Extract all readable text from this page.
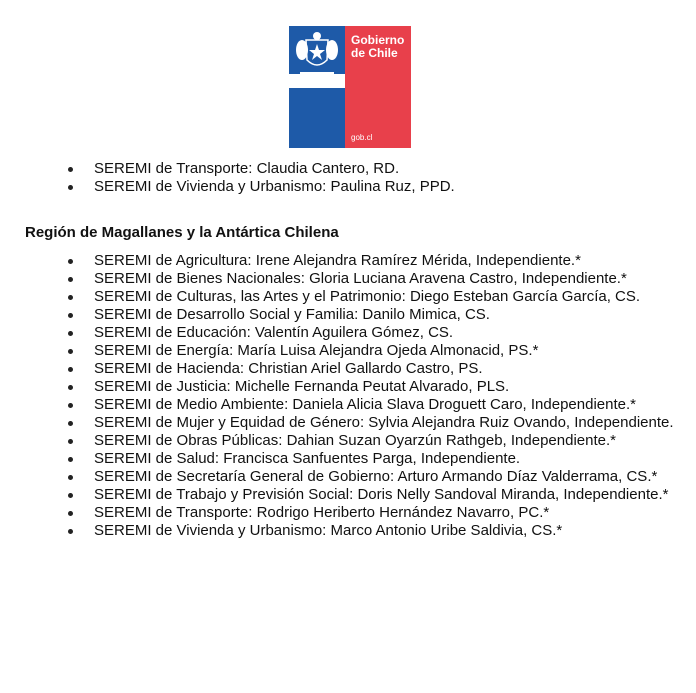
Gobierno
de Chile
gob.cl
SEREMI de Transporte: Claudia Cantero, RD.
SEREMI de Vivienda y Urbanismo: Paulina Ruz, PPD.
Región de Magallanes y la Antártica Chilena
SEREMI de Agricultura: Irene Alejandra Ramírez Mérida, Independiente.*
SEREMI de Bienes Nacionales: Gloria Luciana Aravena Castro, Independiente.*
SEREMI de Culturas, las Artes y el Patrimonio: Diego Esteban García García, CS.
SEREMI de Desarrollo Social y Familia: Danilo Mimica, CS.
SEREMI de Educación: Valentín Aguilera Gómez, CS.
SEREMI de Energía: María Luisa Alejandra Ojeda Almonacid, PS.*
SEREMI de Hacienda: Christian Ariel Gallardo Castro, PS.
SEREMI de Justicia: Michelle Fernanda Peutat Alvarado, PLS.
SEREMI de Medio Ambiente: Daniela Alicia Slava Droguett Caro, Independiente.*
SEREMI de Mujer y Equidad de Género: Sylvia Alejandra Ruiz Ovando, Independiente.
SEREMI de Obras Públicas: Dahian Suzan Oyarzún Rathgeb, Independiente.*
SEREMI de Salud: Francisca Sanfuentes Parga, Independiente.
SEREMI de Secretaría General de Gobierno: Arturo Armando Díaz Valderrama, CS.*
SEREMI de Trabajo y Previsión Social: Doris Nelly Sandoval Miranda, Independiente.*
SEREMI de Transporte: Rodrigo Heriberto Hernández Navarro, PC.*
SEREMI de Vivienda y Urbanismo: Marco Antonio Uribe Saldivia, CS.*
